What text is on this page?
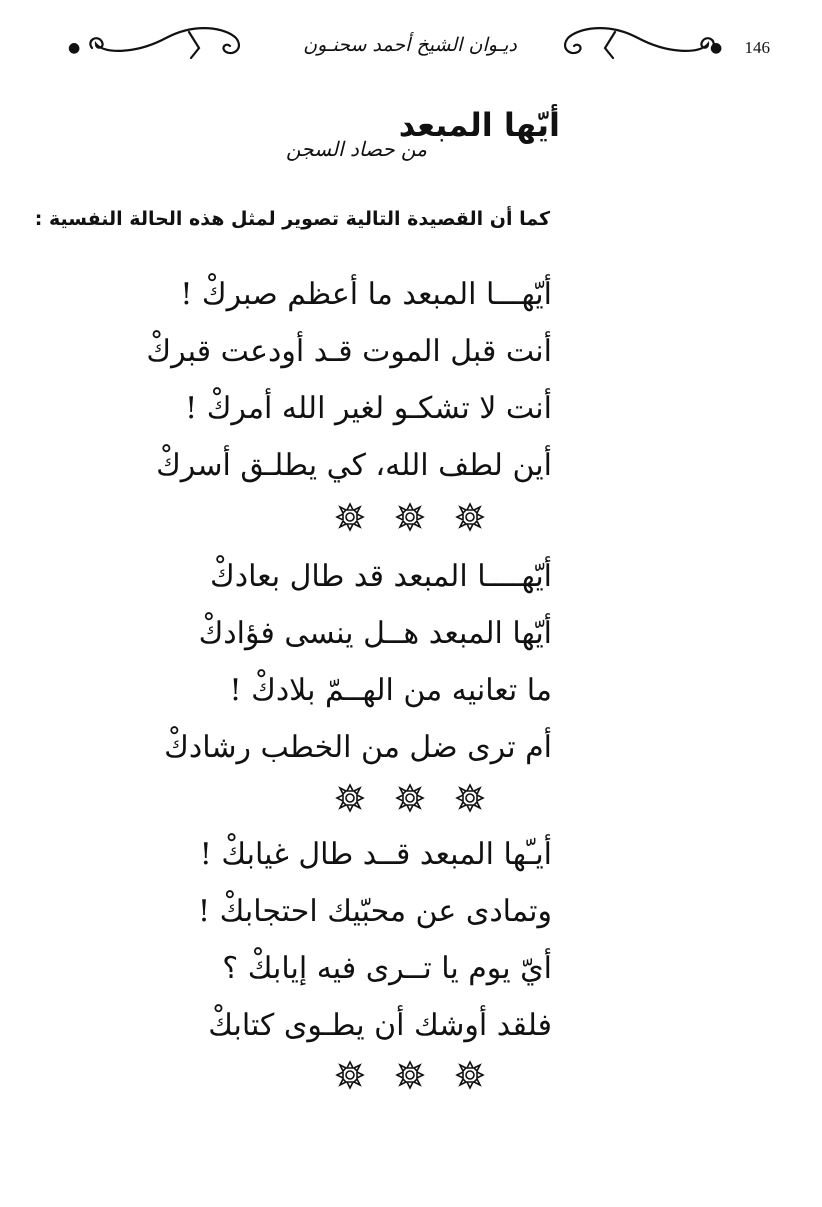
●	ديـوان الشيخ أحمد سحنـون	● 146
أيّها المبعد
من حصاد السجن
كما أن القصيدة التالية تصوير لمثل هذه الحالة النفسية :
أيّهـــا المبعد ما أعظم صبركْ !
أنت قبل الموت قـد أودعت قبركْ
أنت لا تشكـو لغير الله أمركْ !
أين لطف الله، كي يطلـق أسركْ
أيّهــــا المبعد قد طال بعادكْ
أيّها المبعد هــل ينسى فؤادكْ
ما تعانيه من الهــمّ بلادكْ !
أم ترى ضل من الخطب رشادكْ
أيـّها المبعد قــد طال غيابكْ !
وتمادى عن محبّيك احتجابكْ !
أيّ يوم يا تــرى فيه إيابكْ ؟
فلقد أوشك أن يطـوى كتابكْ
